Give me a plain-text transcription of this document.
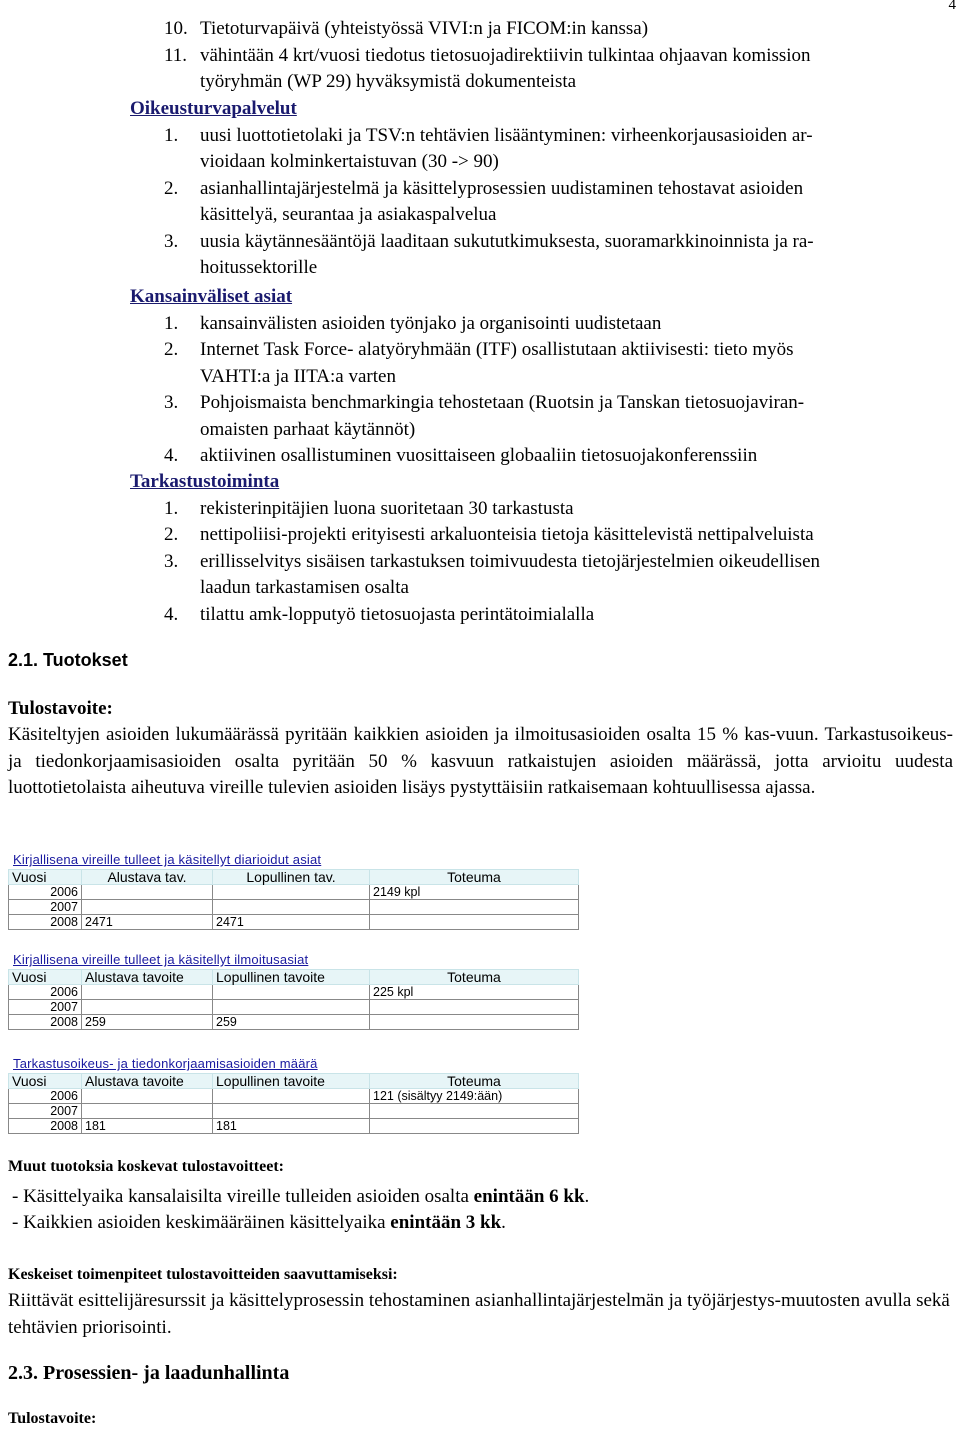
4
10. Tietoturvapäivä (yhteistyössä VIVI:n ja FICOM:in kanssa)
11. vähintään 4 krt/vuosi tiedotus tietosuojadirektiivin tulkintaa ohjaavan komission
työryhmän (WP 29) hyväksymistä dokumenteista
Oikeusturvapalvelut
1. uusi luottotietolaki ja TSV:n tehtävien lisääntyminen: virheenkorjausasioiden ar-
vioidaan kolminkertaistuvan (30 -> 90)
2. asianhallintajärjestelmä ja käsittelyprosessien uudistaminen tehostavat asioiden
käsittelyä, seurantaa ja asiakaspalvelua
3. uusia käytännesääntöjä laaditaan sukututkimuksesta, suoramarkkinoinnista ja ra-
hoitussektorille
Kansainväliset asiat
1. kansainvälisten asioiden työnjako ja organisointi uudistetaan
2. Internet Task Force- alatyöryhmään (ITF) osallistutaan aktiivisesti: tieto myös
VAHTI:a ja IITA:a varten
3. Pohjoismaista benchmarkingia tehostetaan (Ruotsin ja Tanskan tietosuojaviran-
omaisten parhaat käytännöt)
4. aktiivinen osallistuminen vuosittaiseen globaaliin tietosuojakonferenssiin
Tarkastustoiminta
1. rekisterinpitäjien luona suoritetaan 30 tarkastusta
2. nettipoliisi-projekti erityisesti arkaluonteisia tietoja käsittelevistä nettipalveluista
3. erillisselvitys sisäisen tarkastuksen toimivuudesta tietojärjestelmien oikeudellisen
laadun tarkastamisen osalta
4. tilattu amk-lopputyö tietosuojasta perintätoimialalla
2.1. Tuotokset
Tulostavoite:
Käsiteltyjen asioiden lukumäärässä pyritään kaikkien asioiden ja ilmoitusasioiden osalta 15 % kas-vuun. Tarkastusoikeus- ja tiedonkorjaamisasioiden osalta pyritään 50 % kasvuun ratkaistujen asioiden määrässä, jotta arvioitu uudesta luottotietolaista aiheutuva vireille tulevien asioiden lisäys pystyttäisiin ratkaisemaan kohtuullisessa ajassa.
Kirjallisena vireille tulleet ja käsitellyt diarioidut asiat
Vuosi	Alustava tav.	Lopullinen tav.	Toteuma
2006			2149 kpl
2007			
2008	2471	2471	
Kirjallisena vireille tulleet ja käsitellyt ilmoitusasiat
Vuosi	Alustava tavoite	Lopullinen tavoite	Toteuma
2006			225 kpl
2007			
2008	259	259	
Tarkastusoikeus- ja tiedonkorjaamisasioiden määrä
Vuosi	Alustava tavoite	Lopullinen tavoite	Toteuma
2006			121 (sisältyy 2149:ään)
2007			
2008	181	181	
Muut tuotoksia koskevat tulostavoitteet:
- Käsittelyaika kansalaisilta vireille tulleiden asioiden osalta enintään 6 kk.
- Kaikkien asioiden keskimääräinen käsittelyaika enintään 3 kk.
Keskeiset toimenpiteet tulostavoitteiden saavuttamiseksi:
Riittävät esittelijäresurssit ja käsittelyprosessin tehostaminen asianhallintajärjestelmän ja työjärjestys-muutosten avulla sekä tehtävien priorisointi.
2.3. Prosessien- ja laadunhallinta
Tulostavoite:
